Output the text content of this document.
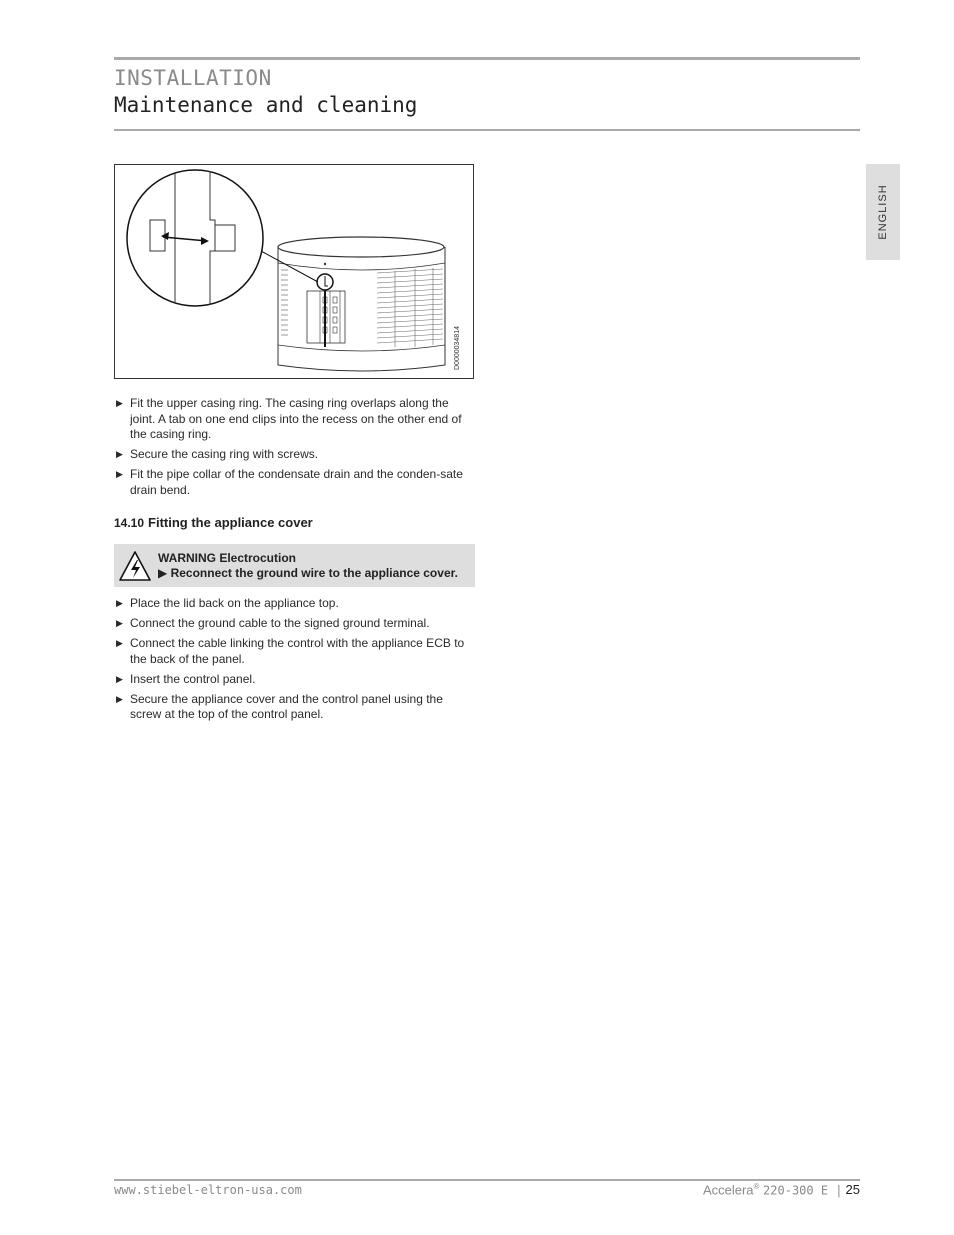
INSTALLATION
Maintenance and cleaning
ENGLISH
D0000034814
▶ Fit the upper casing ring. The casing ring overlaps along the joint. A tab on one end clips into the recess on the other end of the casing ring.
▶ Secure the casing ring with screws.
▶ Fit the pipe collar of the condensate drain and the conden-sate drain bend.
14.10 Fitting the appliance cover
WARNING Electrocution
▶ Reconnect the ground wire to the appliance cover.
▶ Place the lid back on the appliance top.
▶ Connect the ground cable to the signed ground terminal.
▶ Connect the cable linking the control with the appliance ECB to the back of the panel.
▶ Insert the control panel.
▶ Secure the appliance cover and the control panel using the screw at the top of the control panel.
www.stiebel-eltron-usa.com	Accelera® 220-300 E | 25
